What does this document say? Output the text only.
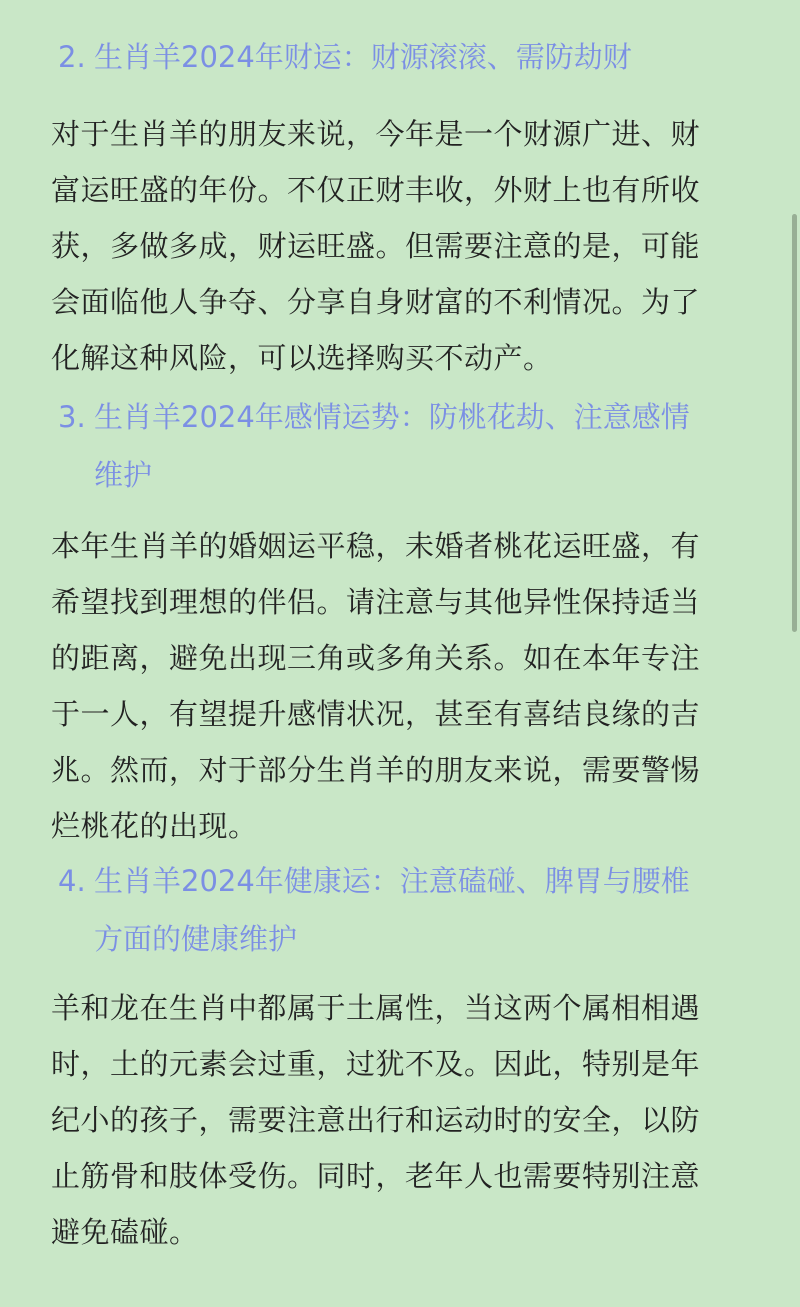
2. 生肖羊2024年财运：财源滚滚、需防劫财
对于生肖羊的朋友来说，今年是一个财源广进、财
富运旺盛的年份。不仅正财丰收，外财上也有所收
获，多做多成，财运旺盛。但需要注意的是，可能
会面临他人争夺、分享自身财富的不利情况。为了
化解这种风险，可以选择购买不动产。
3. 生肖羊2024年感情运势：防桃花劫、注意感情
维护
本年生肖羊的婚姻运平稳，未婚者桃花运旺盛，有
希望找到理想的伴侣。请注意与其他异性保持适当
的距离，避免出现三角或多角关系。如在本年专注
于一人，有望提升感情状况，甚至有喜结良缘的吉
兆。然而，对于部分生肖羊的朋友来说，需要警惕
烂桃花的出现。
4. 生肖羊2024年健康运：注意磕碰、脾胃与腰椎
方面的健康维护
羊和龙在生肖中都属于土属性，当这两个属相相遇
时，土的元素会过重，过犹不及。因此，特别是年
纪小的孩子，需要注意出行和运动时的安全，以防
止筋骨和肢体受伤。同时，老年人也需要特别注意
避免磕碰。
